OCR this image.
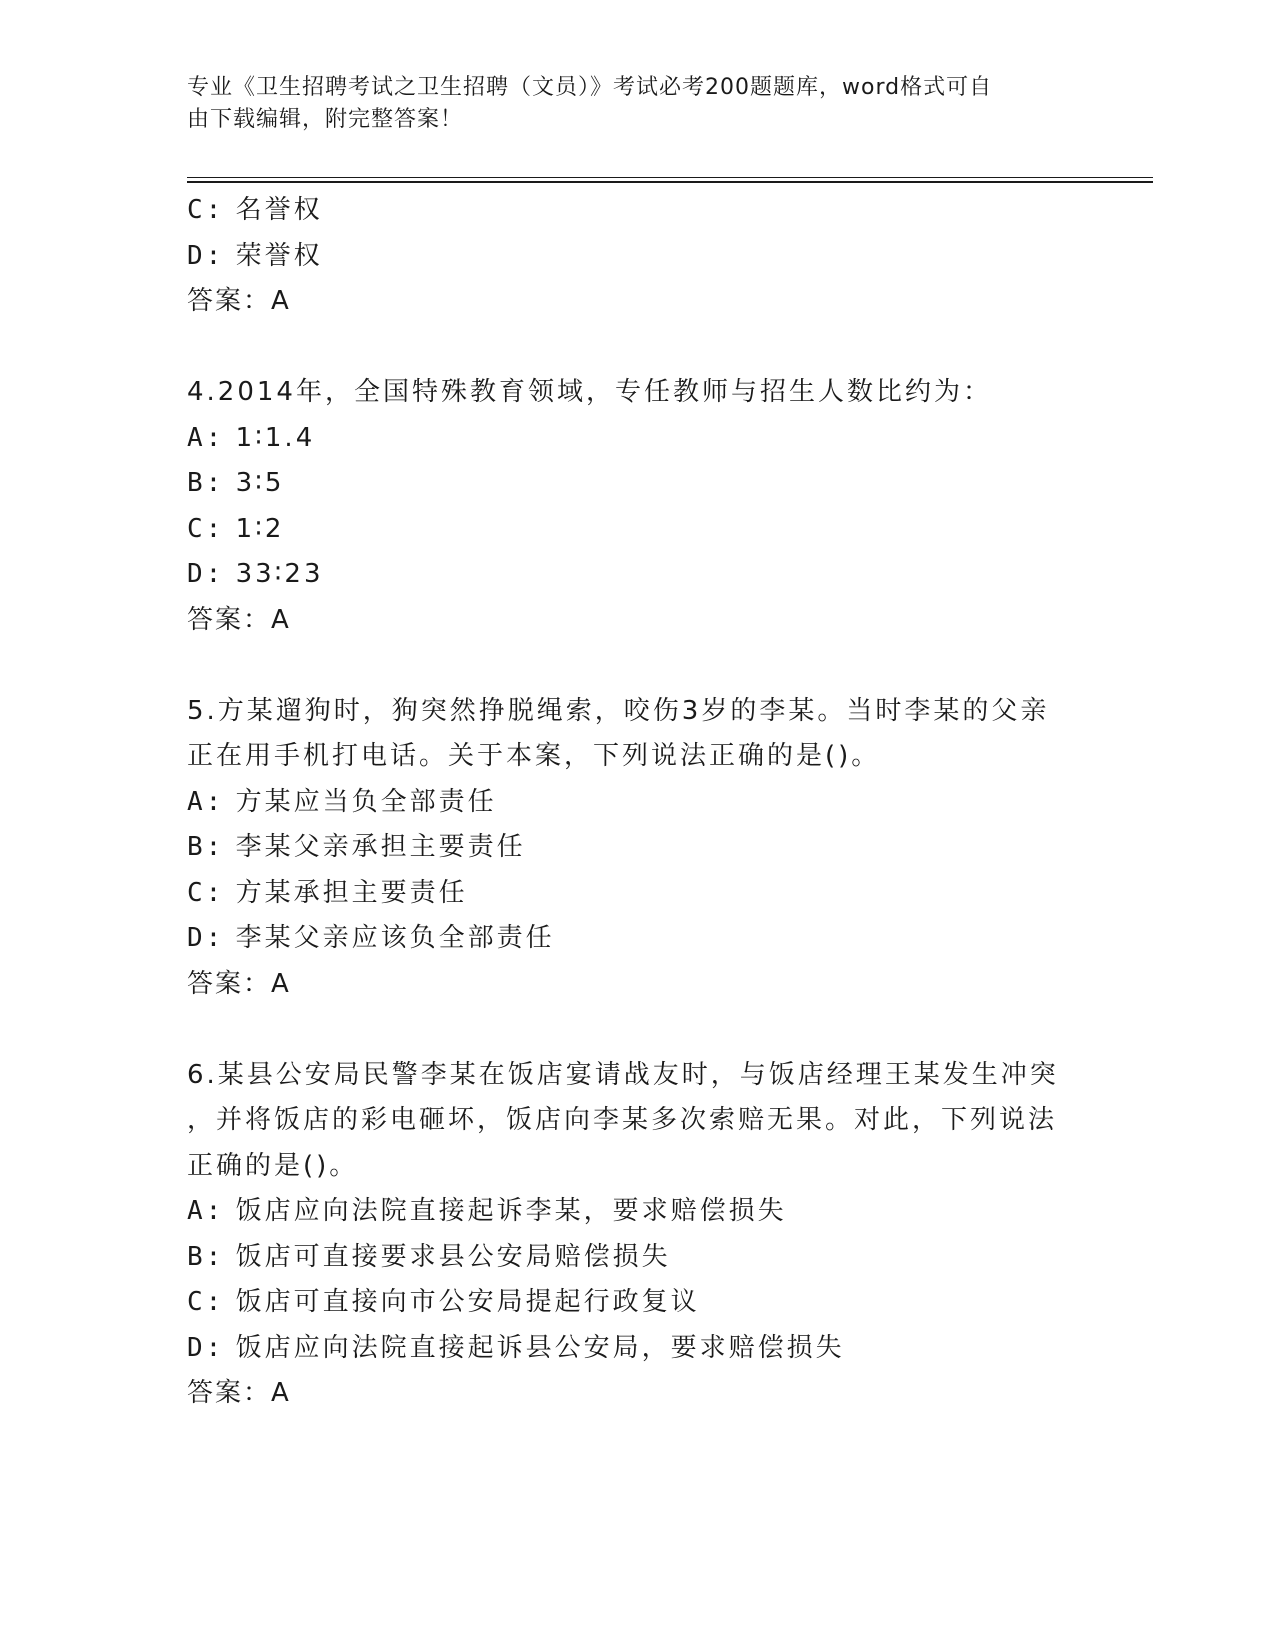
专业《卫生招聘考试之卫生招聘（文员）》考试必考200题题库，word格式可自
由下载编辑，附完整答案！
C: 名誉权
D: 荣誉权
答案：A
4.2014年，全国特殊教育领域，专任教师与招生人数比约为：
A: 1∶1.4
B: 3∶5
C: 1∶2
D: 33∶23
答案：A
5.方某遛狗时，狗突然挣脱绳索，咬伤3岁的李某。当时李某的父亲
正在用手机打电话。关于本案，下列说法正确的是()。
A: 方某应当负全部责任
B: 李某父亲承担主要责任
C: 方某承担主要责任
D: 李某父亲应该负全部责任
答案：A
6.某县公安局民警李某在饭店宴请战友时，与饭店经理王某发生冲突
，并将饭店的彩电砸坏，饭店向李某多次索赔无果。对此，下列说法
正确的是()。
A: 饭店应向法院直接起诉李某，要求赔偿损失
B: 饭店可直接要求县公安局赔偿损失
C: 饭店可直接向市公安局提起行政复议
D: 饭店应向法院直接起诉县公安局，要求赔偿损失
答案：A
